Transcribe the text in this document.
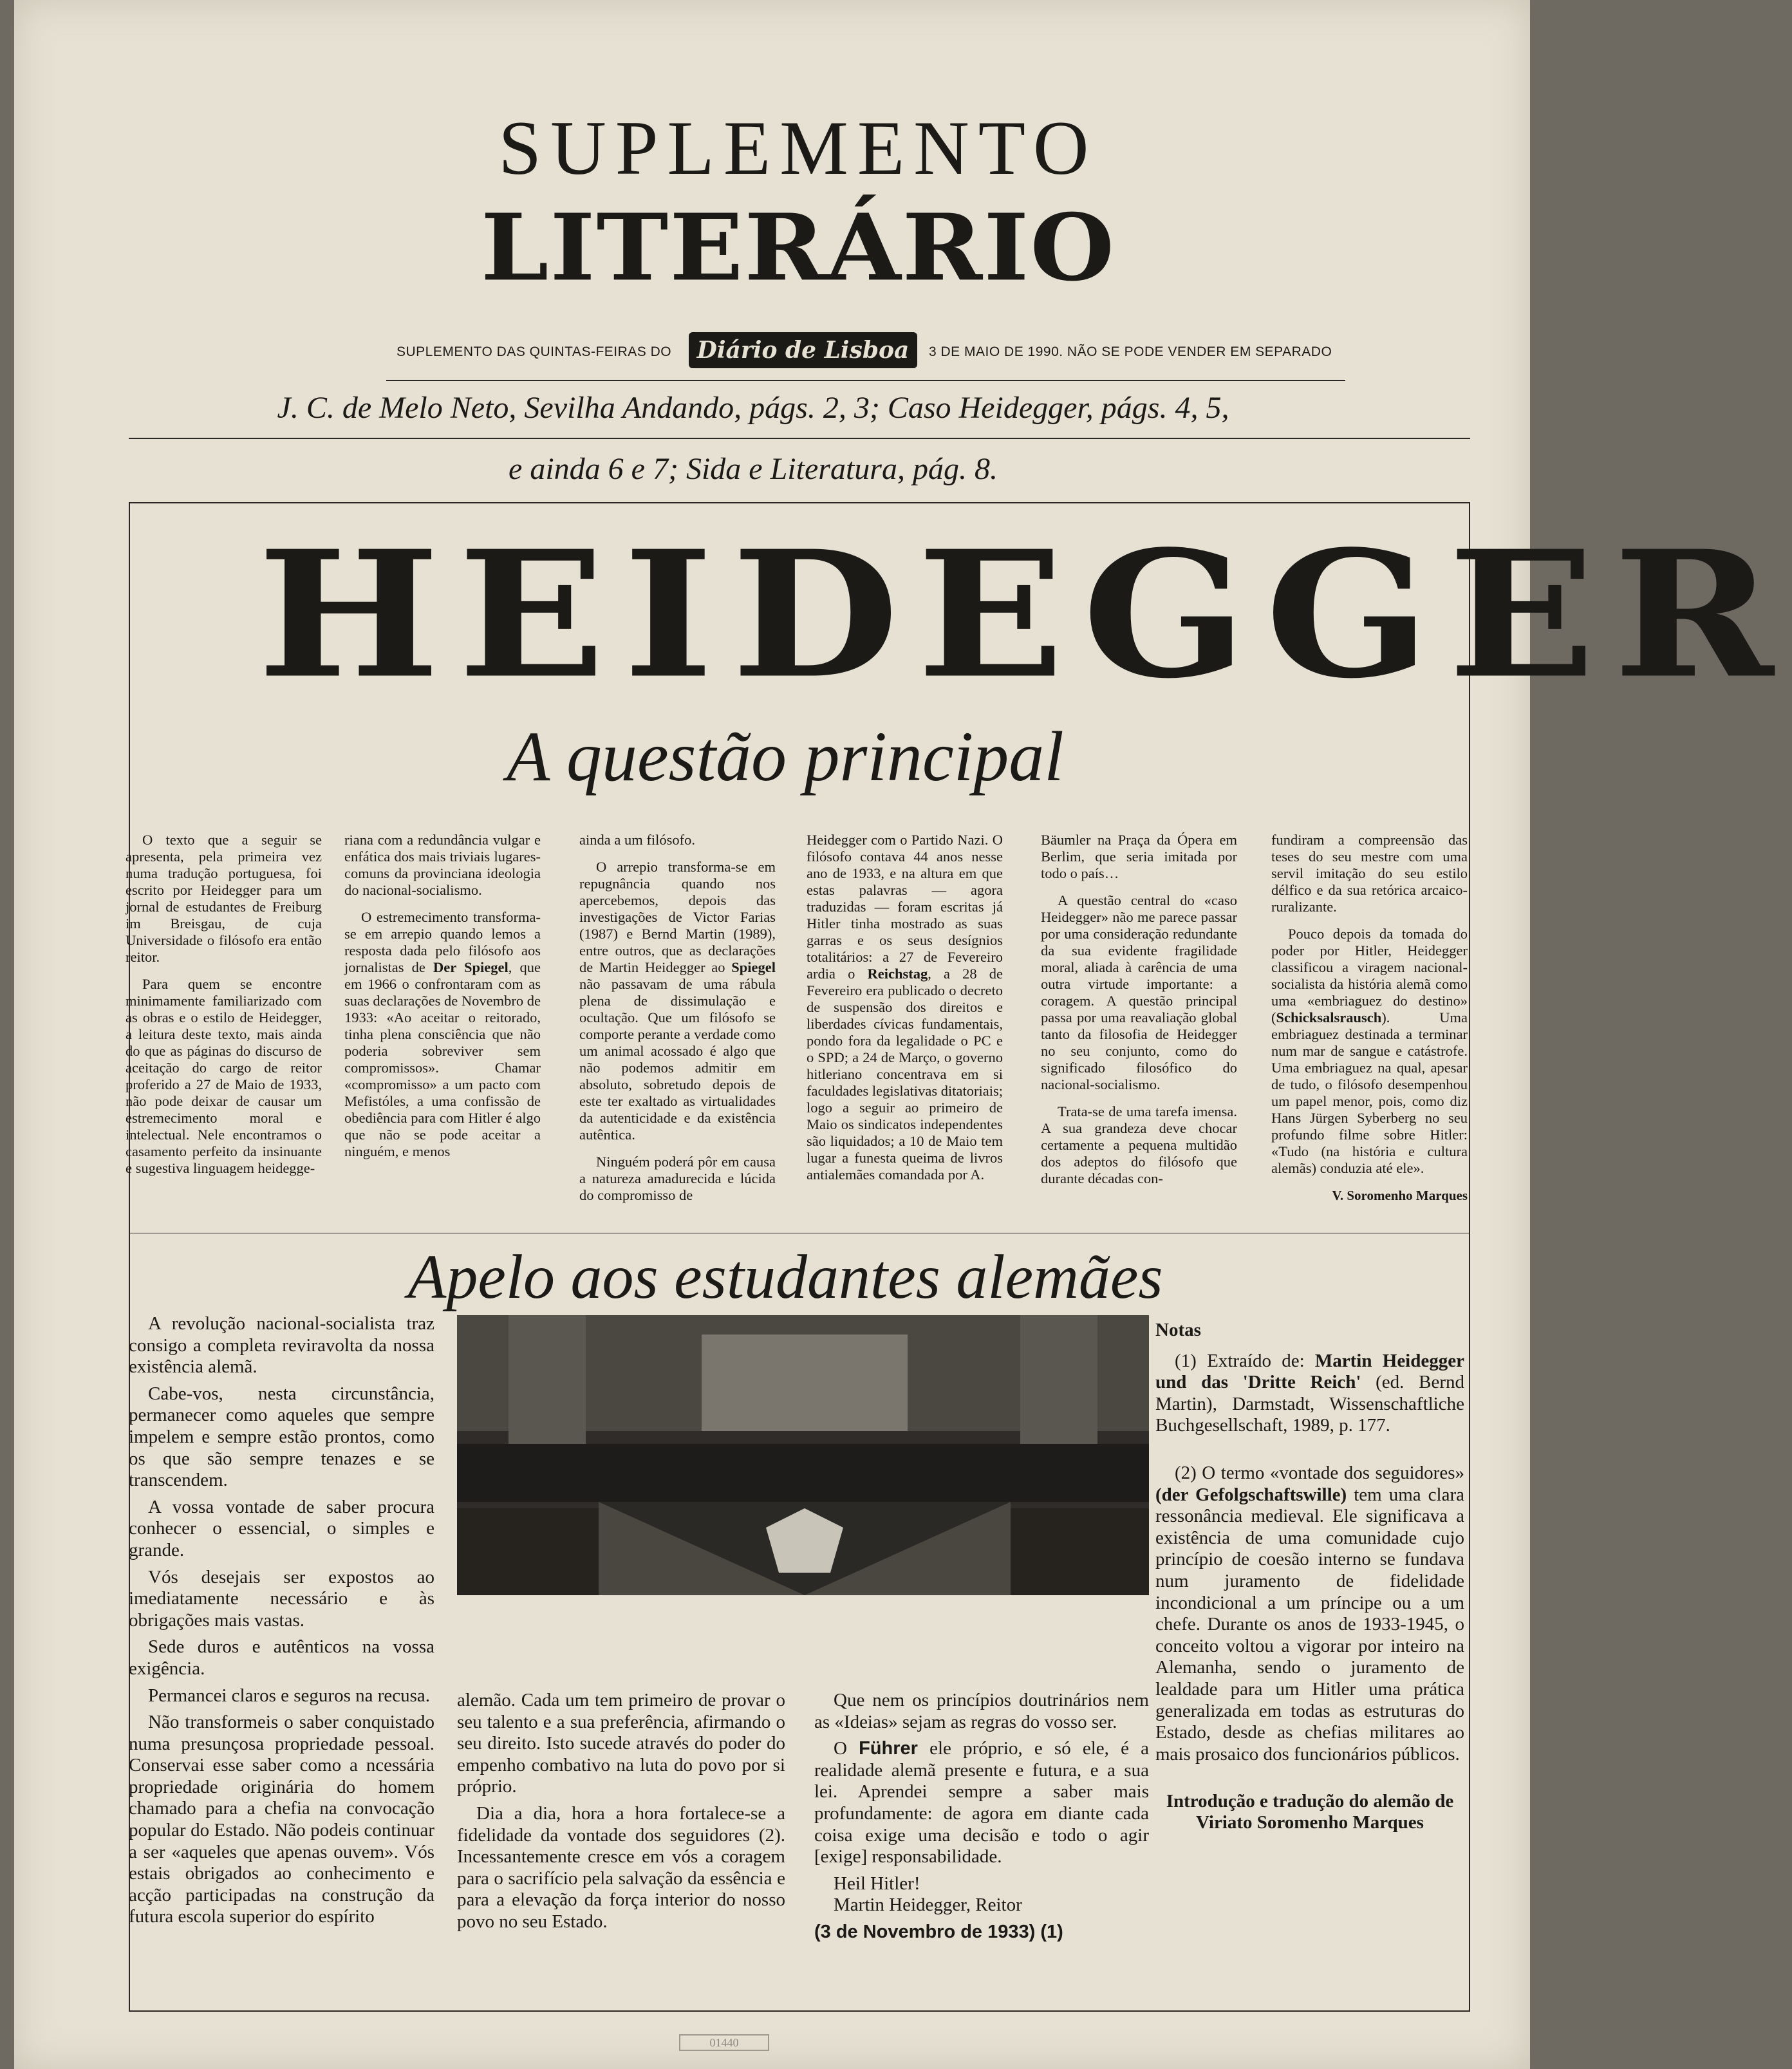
SUPLEMENTO
LITERÁRIO
SUPLEMENTO DAS QUINTAS-FEIRAS DO	Diário de Lisboa	3 DE MAIO DE 1990. NÃO SE PODE VENDER EM SEPARADO
J. C. de Melo Neto, Sevilha Andando, págs. 2, 3; Caso Heidegger, págs. 4, 5,
e ainda 6 e 7; Sida e Literatura, pág. 8.
HEIDEGGER
A questão principal

O texto que a seguir se apresenta, pela primeira vez numa tradução portuguesa, foi escrito por Heidegger para um jornal de estudantes de Freiburg im Breisgau, de cuja Universidade o filósofo era então reitor.

Para quem se encontre minimamente familiarizado com as obras e o estilo de Heidegger, a leitura deste texto, mais ainda do que as páginas do discurso de aceitação do cargo de reitor proferido a 27 de Maio de 1933, não pode deixar de causar um estremecimento moral e intelectual. Nele encontramos o casamento perfeito da insinuante e sugestiva linguagem heidegge-

riana com a redundância vulgar e enfática dos mais triviais lugares-comuns da provinciana ideologia do nacional-socialismo.

O estremecimento transforma-se em arrepio quando lemos a resposta dada pelo filósofo aos jornalistas de Der Spiegel, que em 1966 o confrontaram com as suas declarações de Novembro de 1933: «Ao aceitar o reitorado, tinha plena consciência que não poderia sobreviver sem compromissos». Chamar «compromisso» a um pacto com Mefistóles, a uma confissão de obediência para com Hitler é algo que não se pode aceitar a ninguém, e menos

ainda a um filósofo.

O arrepio transforma-se em repugnância quando nos apercebemos, depois das investigações de Victor Farias (1987) e Bernd Martin (1989), entre outros, que as declarações de Martin Heidegger ao Spiegel não passavam de uma rábula plena de dissimulação e ocultação. Que um filósofo se comporte perante a verdade como um animal acossado é algo que não podemos admitir em absoluto, sobretudo depois de este ter exaltado as virtualidades da autenticidade e da existência autêntica.

Ninguém poderá pôr em causa a natureza amadurecida e lúcida do compromisso de

Heidegger com o Partido Nazi. O filósofo contava 44 anos nesse ano de 1933, e na altura em que estas palavras — agora traduzidas — foram escritas já Hitler tinha mostrado as suas garras e os seus desígnios totalitários: a 27 de Fevereiro ardia o Reichstag, a 28 de Fevereiro era publicado o decreto de suspensão dos direitos e liberdades cívicas fundamentais, pondo fora da legalidade o PC e o SPD; a 24 de Março, o governo hitleriano concentrava em si faculdades legislativas ditatoriais; logo a seguir ao primeiro de Maio os sindicatos independentes são liquidados; a 10 de Maio tem lugar a funesta queima de livros antialemães comandada por A.

Bäumler na Praça da Ópera em Berlim, que seria imitada por todo o país…

A questão central do «caso Heidegger» não me parece passar por uma consideração redundante da sua evidente fragilidade moral, aliada à carência de uma outra virtude importante: a coragem. A questão principal passa por uma reavaliação global tanto da filosofia de Heidegger no seu conjunto, como do significado filosófico do nacional-socialismo.

Trata-se de uma tarefa imensa. A sua grandeza deve chocar certamente a pequena multidão dos adeptos do filósofo que durante décadas con-

fundiram a compreensão das teses do seu mestre com uma servil imitação do seu estilo délfico e da sua retórica arcaico-ruralizante.

Pouco depois da tomada do poder por Hitler, Heidegger classificou a viragem nacional-socialista da história alemã como uma «embriaguez do destino» (Schicksalsrausch). Uma embriaguez destinada a terminar num mar de sangue e catástrofe. Uma embriaguez na qual, apesar de tudo, o filósofo desempenhou um papel menor, pois, como diz Hans Jürgen Syberberg no seu profundo filme sobre Hitler: «Tudo (na história e cultura alemãs) conduzia até ele».

V. Soromenho Marques
Apelo aos estudantes alemães

A revolução nacional-socialista traz consigo a completa reviravolta da nossa existência alemã.

Cabe-vos, nesta circunstância, permanecer como aqueles que sempre impelem e sempre estão prontos, como os que são sempre tenazes e se transcendem.

A vossa vontade de saber procura conhecer o essencial, o simples e grande.

Vós desejais ser expostos ao imediatamente necessário e às obrigações mais vastas.

Sede duros e autênticos na vossa exigência.

Permancei claros e seguros na recusa.

Não transformeis o saber conquistado numa presunçosa propriedade pessoal. Conservai esse saber como a ncessária propriedade originária do homem chamado para a chefia na convocação popular do Estado. Não podeis continuar a ser «aqueles que apenas ouvem». Vós estais obrigados ao conhecimento e acção participadas na construção da futura escola superior do espírito

alemão. Cada um tem primeiro de provar o seu talento e a sua preferência, afirmando o seu direito. Isto sucede através do poder do empenho combativo na luta do povo por si próprio.

Dia a dia, hora a hora fortalece-se a fidelidade da vontade dos seguidores (2). Incessantemente cresce em vós a coragem para o sacrifício pela salvação da essência e para a elevação da força interior do nosso povo no seu Estado.

Que nem os princípios doutrinários nem as «Ideias» sejam as regras do vosso ser.

O Führer ele próprio, e só ele, é a realidade alemã presente e futura, e a sua lei. Aprendei sempre a saber mais profundamente: de agora em diante cada coisa exige uma decisão e todo o agir [exige] responsabilidade.

Heil Hitler!

Martin Heidegger, Reitor

(3 de Novembro de 1933) (1)

Notas

(1) Extraído de: Martin Heidegger und das 'Dritte Reich' (ed. Bernd Martin), Darmstadt, Wissenschaftliche Buchgesellschaft, 1989, p. 177.

(2) O termo «vontade dos seguidores» (der Gefolgschaftswille) tem uma clara ressonância medieval. Ele significava a existência de uma comunidade cujo princípio de coesão interno se fundava num juramento de fidelidade incondicional a um príncipe ou a um chefe. Durante os anos de 1933-1945, o conceito voltou a vigorar por inteiro na Alemanha, sendo o juramento de lealdade para um Hitler uma prática generalizada em todas as estruturas do Estado, desde as chefias militares ao mais prosaico dos funcionários públicos.

Introdução e tradução do alemão de Viriato Soromenho Marques
01440
